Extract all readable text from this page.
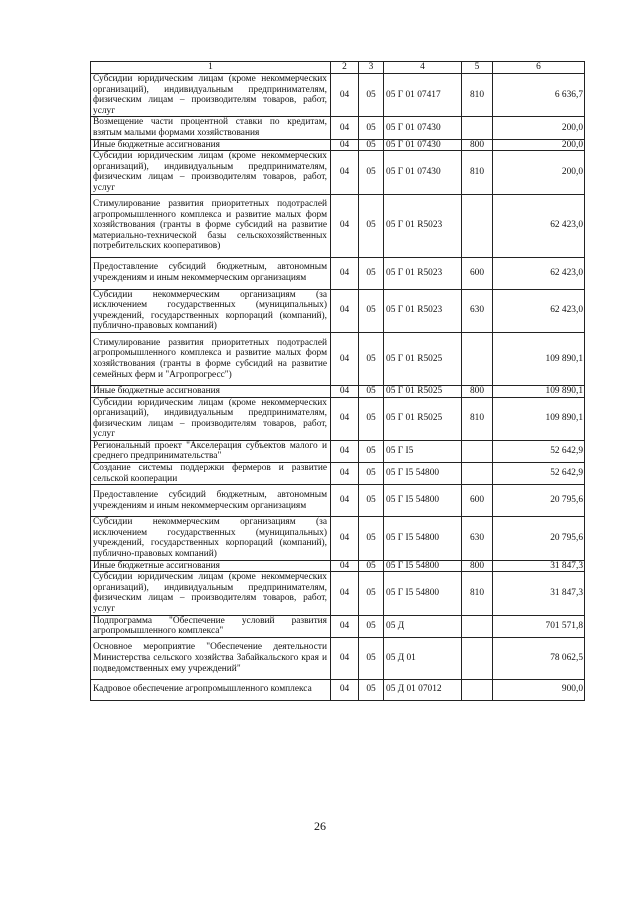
1	2	3	4	5	6
Субсидии юридическим лицам (кроме некоммерческих организаций), индивидуальным предпринимателям, физическим лицам – производителям товаров, работ, услуг	04	05	05 Г 01 07417	810	6 636,7
Возмещение части процентной ставки по кредитам, взятым малыми формами хозяйствования	04	05	05 Г 01 07430		200,0
Иные бюджетные ассигнования	04	05	05 Г 01 07430	800	200,0
Субсидии юридическим лицам (кроме некоммерческих организаций), индивидуальным предпринимателям, физическим лицам – производителям товаров, работ, услуг	04	05	05 Г 01 07430	810	200,0
Стимулирование развития приоритетных подотраслей агропромышленного комплекса и развитие малых форм хозяйствования (гранты в форме субсидий на развитие материально-технической базы сельскохозяйственных потребительских кооперативов)	04	05	05 Г 01 R5023		62 423,0
Предоставление субсидий бюджетным, автономным учреждениям и иным некоммерческим организациям	04	05	05 Г 01 R5023	600	62 423,0
Субсидии некоммерческим организациям (за исключением государственных (муниципальных) учреждений, государственных корпораций (компаний), публично-правовых компаний)	04	05	05 Г 01 R5023	630	62 423,0
Стимулирование развития приоритетных подотраслей агропромышленного комплекса и развитие малых форм хозяйствования (гранты в форме субсидий на развитие семейных ферм и "Агропрогресс")	04	05	05 Г 01 R5025		109 890,1
Иные бюджетные ассигнования	04	05	05 Г 01 R5025	800	109 890,1
Субсидии юридическим лицам (кроме некоммерческих организаций), индивидуальным предпринимателям, физическим лицам – производителям товаров, работ, услуг	04	05	05 Г 01 R5025	810	109 890,1
Региональный проект "Акселерация субъектов малого и среднего предпринимательства"	04	05	05 Г I5		52 642,9
Создание системы поддержки фермеров и развитие сельской кооперации	04	05	05 Г I5 54800		52 642,9
Предоставление субсидий бюджетным, автономным учреждениям и иным некоммерческим организациям	04	05	05 Г I5 54800	600	20 795,6
Субсидии некоммерческим организациям (за исключением государственных (муниципальных) учреждений, государственных корпораций (компаний), публично-правовых компаний)	04	05	05 Г I5 54800	630	20 795,6
Иные бюджетные ассигнования	04	05	05 Г I5 54800	800	31 847,3
Субсидии юридическим лицам (кроме некоммерческих организаций), индивидуальным предпринимателям, физическим лицам – производителям товаров, работ, услуг	04	05	05 Г I5 54800	810	31 847,3
Подпрограмма "Обеспечение условий развития агропромышленного комплекса"	04	05	05 Д		701 571,8
Основное мероприятие "Обеспечение деятельности Министерства сельского хозяйства Забайкальского края и подведомственных ему учреждений"	04	05	05 Д 01		78 062,5
Кадровое обеспечение агропромышленного комплекса	04	05	05 Д 01 07012		900,0
26
